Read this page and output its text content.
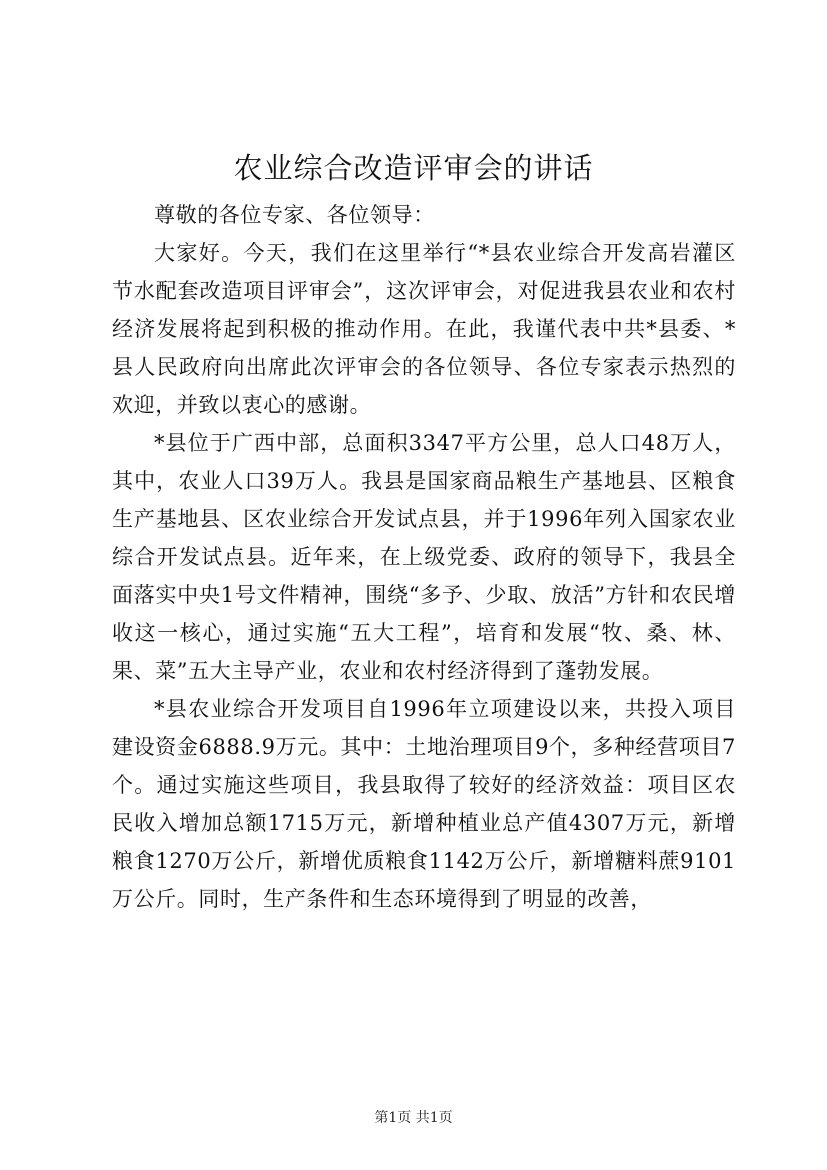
农业综合改造评审会的讲话

尊敬的各位专家、各位领导：

大家好。今天，我们在这里举行“*县农业综合开发高岩灌区节水配套改造项目评审会”，这次评审会，对促进我县农业和农村经济发展将起到积极的推动作用。在此，我谨代表中共*县委、*县人民政府向出席此次评审会的各位领导、各位专家表示热烈的欢迎，并致以衷心的感谢。

*县位于广西中部，总面积3347平方公里，总人口48万人，其中，农业人口39万人。我县是国家商品粮生产基地县、区粮食生产基地县、区农业综合开发试点县，并于1996年列入国家农业综合开发试点县。近年来，在上级党委、政府的领导下，我县全面落实中央1号文件精神，围绕“多予、少取、放活”方针和农民增收这一核心，通过实施“五大工程”，培育和发展“牧、桑、林、果、菜”五大主导产业，农业和农村经济得到了蓬勃发展。

*县农业综合开发项目自1996年立项建设以来，共投入项目建设资金6888.9万元。其中：土地治理项目9个，多种经营项目7个。通过实施这些项目，我县取得了较好的经济效益：项目区农民收入增加总额1715万元，新增种植业总产值4307万元，新增粮食1270万公斤，新增优质粮食1142万公斤，新增糖料蔗9101万公斤。同时，生产条件和生态环境得到了明显的改善，

第1页 共1页
